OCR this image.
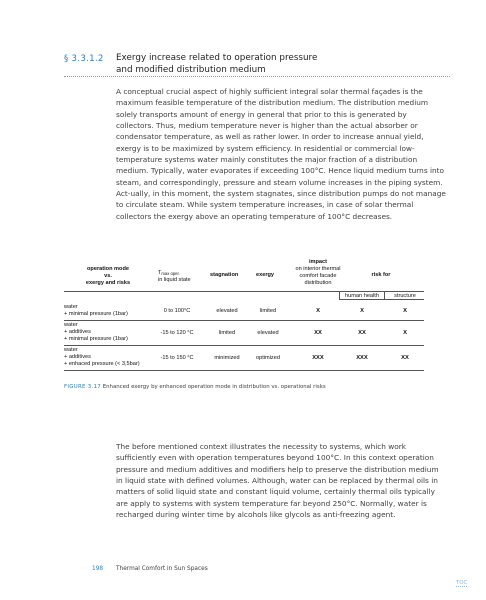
§ 3.3.1.2 Exergy increase related to operation pressure
and modified distribution medium

A conceptual crucial aspect of highly sufficient integral solar thermal façades is the maximum feasible temperature of the distribution medium. The distribution medium solely transports amount of energy in general that prior to this is generated by collectors. Thus, medium temperature never is higher than the actual absorber or condensator temperature, as well as rather lower. In order to increase annual yield, exergy is to be maximized by system efficiency. In residential or commercial low-temperature systems water mainly constitutes the major fraction of a distribution medium. Typically, water evaporates if exceeding 100°C. Hence liquid medium turns into steam, and correspondingly, pressure and steam volume increases in the piping system. Act-ually, in this moment, the system stagnates, since distribution pumps do not manage to circulate steam. While system temperature increases, in case of solar thermal collectors the exergy above an operating temperature of 100°C decreases.

operation mode
vs.
exergy and risks
$T_{max oper.}$
in liquid state
stagnation	exergy
impact
on interior thermal
comfort facade
distribution
risk for
human health	structure
water
+ minimal pressure (1bar)	0 to 100°C	elevated	limited	X	X	X
water
+ additives
+ minimal pressure (1bar)
-15 to 120 °C	limited	elevated	XX	XX	X
water
+ additives
+ enhaced pressure (< 3,5bar)
-15 to 150 °C	minimized	optimized	XXX	XXX	XX
FIGURE 3.17 Enhanced exergy by enhanced operation mode in distribution vs. operational risks

The before mentioned context illustrates the necessity to systems, which work sufficiently even with operation temperatures beyond 100°C. In this context operation pressure and medium additives and modifiers help to preserve the distribution medium in liquid state with defined volumes. Although, water can be replaced by thermal oils in matters of solid liquid state and constant liquid volume, certainly thermal oils typically are apply to systems with system temperature far beyond 250°C. Normally, water is recharged during winter time by alcohols like glycols as anti-freezing agent.

198 Thermal Comfort in Sun Spaces
TOC
